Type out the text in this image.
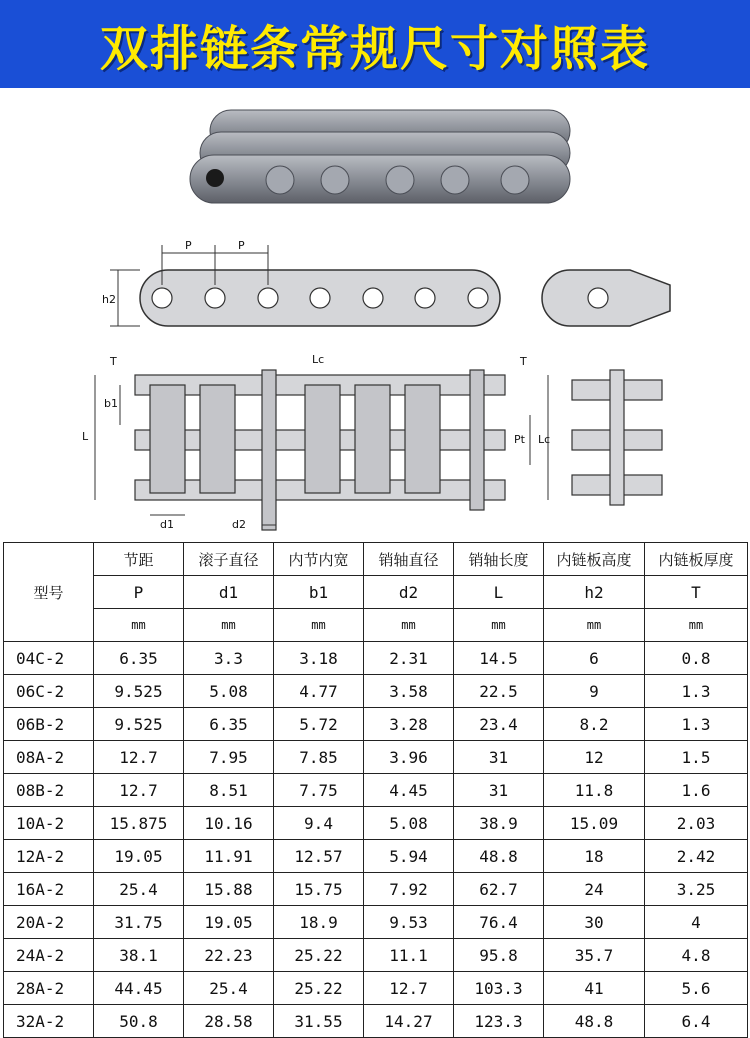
双排链条常规尺寸对照表
P	P
h2
T	T
Lc
Lc
b1
L	Pt
d1	d2
型号	节距	滚子直径	内节内宽	销轴直径	销轴长度	内链板高度	内链板厚度
	P	d1	b1	d2	L	h2	T
	mm	mm	mm	mm	mm	mm	mm
04C-2	6.35	3.3	3.18	2.31	14.5	6	0.8
06C-2	9.525	5.08	4.77	3.58	22.5	9	1.3
06B-2	9.525	6.35	5.72	3.28	23.4	8.2	1.3
08A-2	12.7	7.95	7.85	3.96	31	12	1.5
08B-2	12.7	8.51	7.75	4.45	31	11.8	1.6
10A-2	15.875	10.16	9.4	5.08	38.9	15.09	2.03
12A-2	19.05	11.91	12.57	5.94	48.8	18	2.42
16A-2	25.4	15.88	15.75	7.92	62.7	24	3.25
20A-2	31.75	19.05	18.9	9.53	76.4	30	4
24A-2	38.1	22.23	25.22	11.1	95.8	35.7	4.8
28A-2	44.45	25.4	25.22	12.7	103.3	41	5.6
32A-2	50.8	28.58	31.55	14.27	123.3	48.8	6.4
